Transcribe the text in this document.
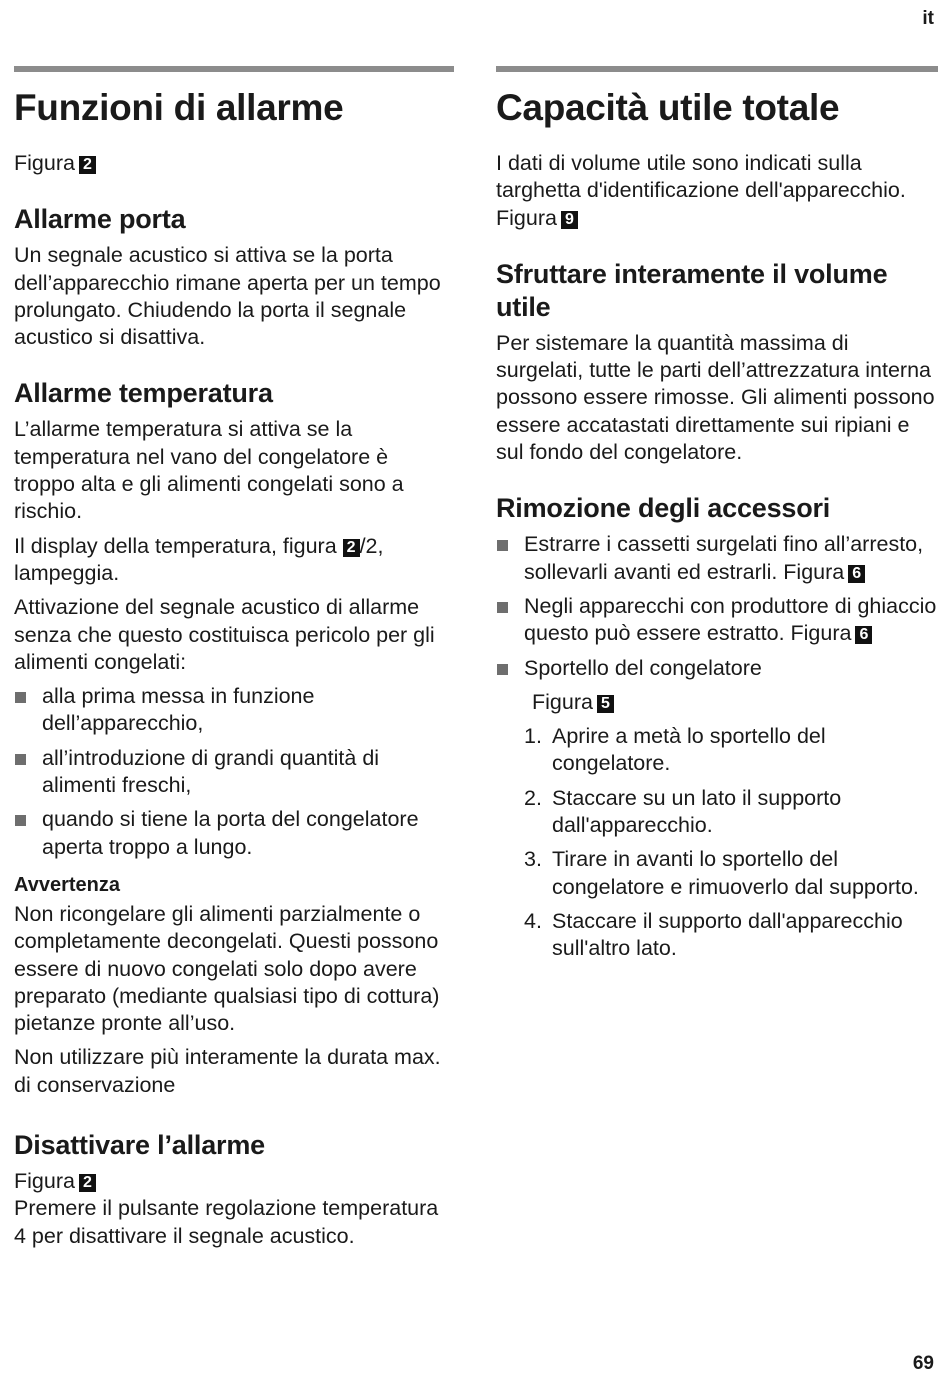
it
Funzioni di allarme

Figura 2

Allarme porta

Un segnale acustico si attiva se la porta dell’apparecchio rimane aperta per un tempo prolungato. Chiudendo la porta il segnale acustico si disattiva.

Allarme temperatura

L’allarme temperatura si attiva se la temperatura nel vano del congelatore è troppo alta e gli alimenti congelati sono a rischio.

Il display della temperatura, figura 2 /2, lampeggia.

Attivazione del segnale acustico di allarme senza che questo costituisca pericolo per gli alimenti congelati:

alla prima messa in funzione dell’apparecchio,
all’introduzione di grandi quantità di alimenti freschi,
quando si tiene la porta del congelatore aperta troppo a lungo.
Avvertenza

Non ricongelare gli alimenti parzialmente o completamente decongelati. Questi possono essere di nuovo congelati solo dopo avere preparato (mediante qualsiasi tipo di cottura) pietanze pronte all’uso.

Non utilizzare più interamente la durata max. di conservazione

Disattivare l’allarme

Figura 2
Premere il pulsante regolazione temperatura 4 per disattivare il segnale acustico.

Capacità utile totale

I dati di volume utile sono indicati sulla targhetta d'identificazione dell'apparecchio. Figura 9

Sfruttare interamente il volume utile

Per sistemare la quantità massima di surgelati, tutte le parti dell’attrezzatura interna possono essere rimosse. Gli alimenti possono essere accatastati direttamente sui ripiani e sul fondo del congelatore.

Rimozione degli accessori
Estrarre i cassetti surgelati fino all’arresto, sollevarli avanti ed estrarli. Figura 6
Negli apparecchi con produttore di ghiaccio questo può essere estratto. Figura 6
Sportello del congelatore

Figura 5

1. Aprire a metà lo sportello del congelatore.
2. Staccare su un lato il supporto dall'apparecchio.
3. Tirare in avanti lo sportello del congelatore e rimuoverlo dal supporto.
4. Staccare il supporto dall'apparecchio sull'altro lato.
69
